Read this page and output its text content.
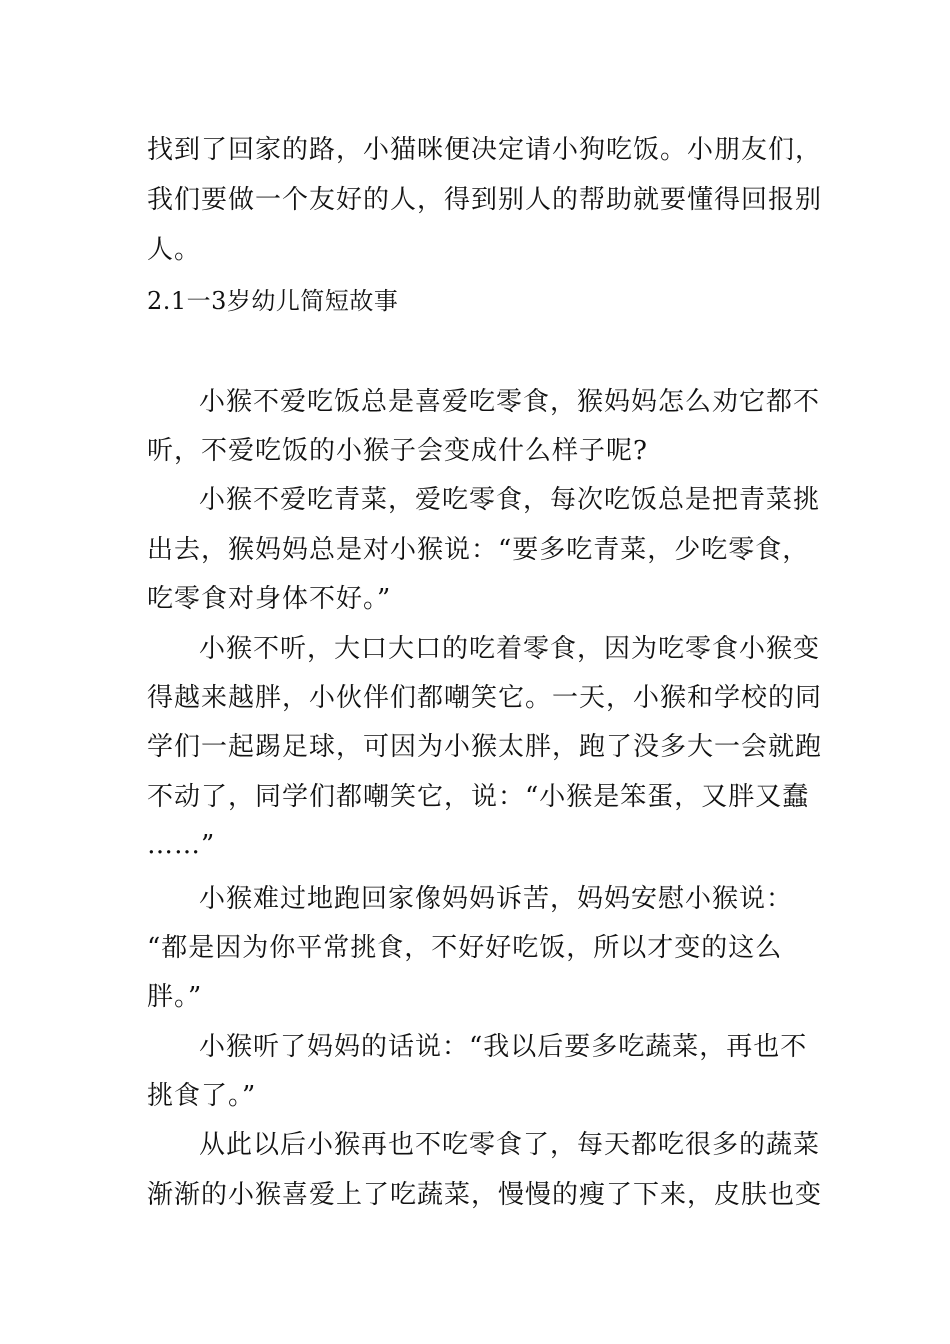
找到了回家的路，小猫咪便决定请小狗吃饭。小朋友们，
我们要做一个友好的人，得到别人的帮助就要懂得回报别
人。
2.1一3岁幼儿简短故事
小猴不爱吃饭总是喜爱吃零食，猴妈妈怎么劝它都不
听，不爱吃饭的小猴子会变成什么样子呢?
小猴不爱吃青菜，爱吃零食，每次吃饭总是把青菜挑
出去，猴妈妈总是对小猴说：“要多吃青菜，少吃零食，
吃零食对身体不好。”
小猴不听，大口大口的吃着零食，因为吃零食小猴变
得越来越胖，小伙伴们都嘲笑它。一天，小猴和学校的同
学们一起踢足球，可因为小猴太胖，跑了没多大一会就跑
不动了，同学们都嘲笑它，说：“小猴是笨蛋，又胖又蠢
……”
小猴难过地跑回家像妈妈诉苦，妈妈安慰小猴说：
“都是因为你平常挑食，不好好吃饭，所以才变的这么
胖。”
小猴听了妈妈的话说：“我以后要多吃蔬菜，再也不
挑食了。”
从此以后小猴再也不吃零食了，每天都吃很多的蔬菜
渐渐的小猴喜爱上了吃蔬菜，慢慢的瘦了下来，皮肤也变
